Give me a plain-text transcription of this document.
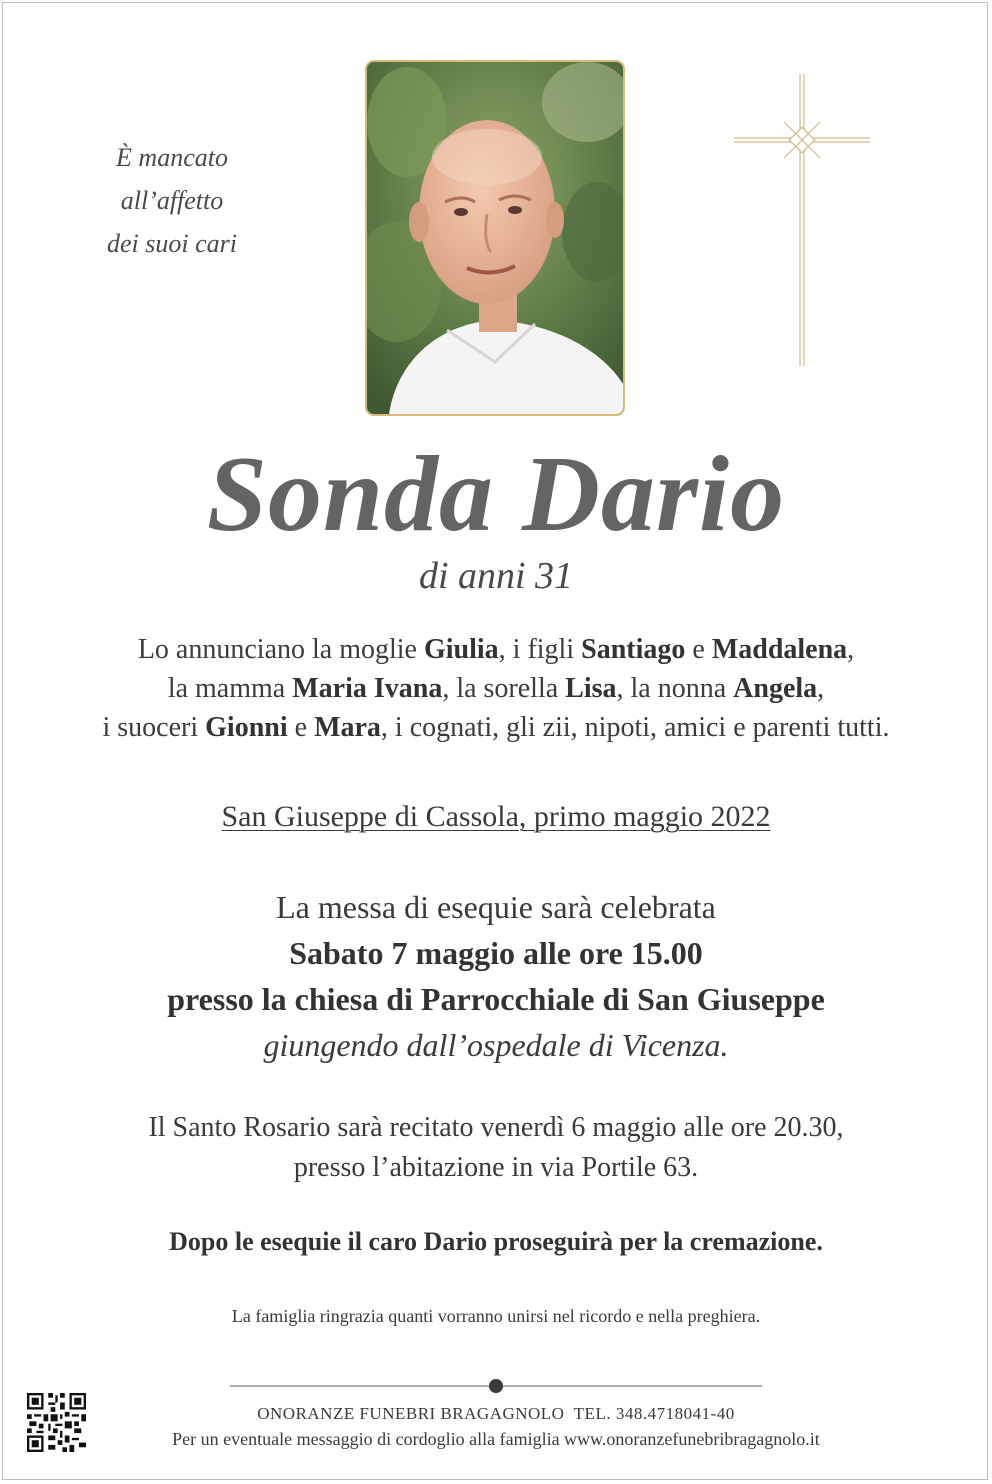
È mancato
all’affetto
dei suoi cari
Sonda Dario
di anni 31
Lo annunciano la moglie Giulia, i figli Santiago e Maddalena,
la mamma Maria Ivana, la sorella Lisa, la nonna Angela,
i suoceri Gionni e Mara, i cognati, gli zii, nipoti, amici e parenti tutti.
San Giuseppe di Cassola, primo maggio 2022
La messa di esequie sarà celebrata
Sabato 7 maggio alle ore 15.00
presso la chiesa di Parrocchiale di San Giuseppe
giungendo dall’ospedale di Vicenza.
Il Santo Rosario sarà recitato venerdì 6 maggio alle ore 20.30,
presso l’abitazione in via Portile 63.
Dopo le esequie il caro Dario proseguirà per la cremazione.
La famiglia ringrazia quanti vorranno unirsi nel ricordo e nella preghiera.
ONORANZE FUNEBRI BRAGAGNOLO TEL. 348.4718041-40
Per un eventuale messaggio di cordoglio alla famiglia www.onoranzefunebribragagnolo.it
